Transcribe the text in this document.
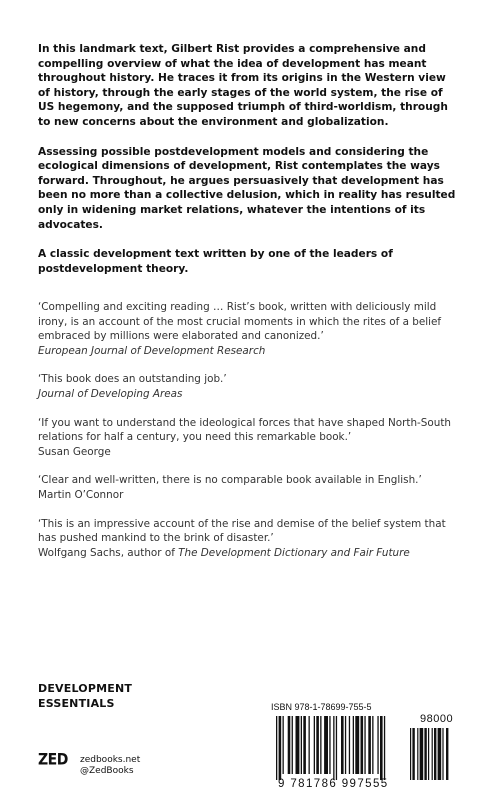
In this landmark text, Gilbert Rist provides a comprehensive and compelling overview of what the idea of development has meant throughout history. He traces it from its origins in the Western view of history, through the early stages of the world system, the rise of US hegemony, and the supposed triumph of third-worldism, through to new concerns about the environment and globalization.

Assessing possible postdevelopment models and considering the ecological dimensions of development, Rist contemplates the ways forward. Throughout, he argues persuasively that development has been no more than a collective delusion, which in reality has resulted only in widening market relations, whatever the intentions of its advocates.

A classic development text written by one of the leaders of postdevelopment theory.

‘Compelling and exciting reading … Rist’s book, written with deliciously mild irony, is an account of the most crucial moments in which the rites of a belief embraced by millions were elaborated and canonized.’
European Journal of Development Research
‘This book does an outstanding job.’
Journal of Developing Areas
‘If you want to understand the ideological forces that have shaped North-South relations for half a century, you need this remarkable book.’
Susan George
‘Clear and well-written, there is no comparable book available in English.’
Martin O’Connor
‘This is an impressive account of the rise and demise of the belief system that has pushed mankind to the brink of disaster.’
Wolfgang Sachs, author of The Development Dictionary and Fair Future
DEVELOPMENT
ESSENTIALS
ZED zedbooks.net
@ZedBooks
ISBN 978-1-78699-755-5
98000
9 781786 997555
